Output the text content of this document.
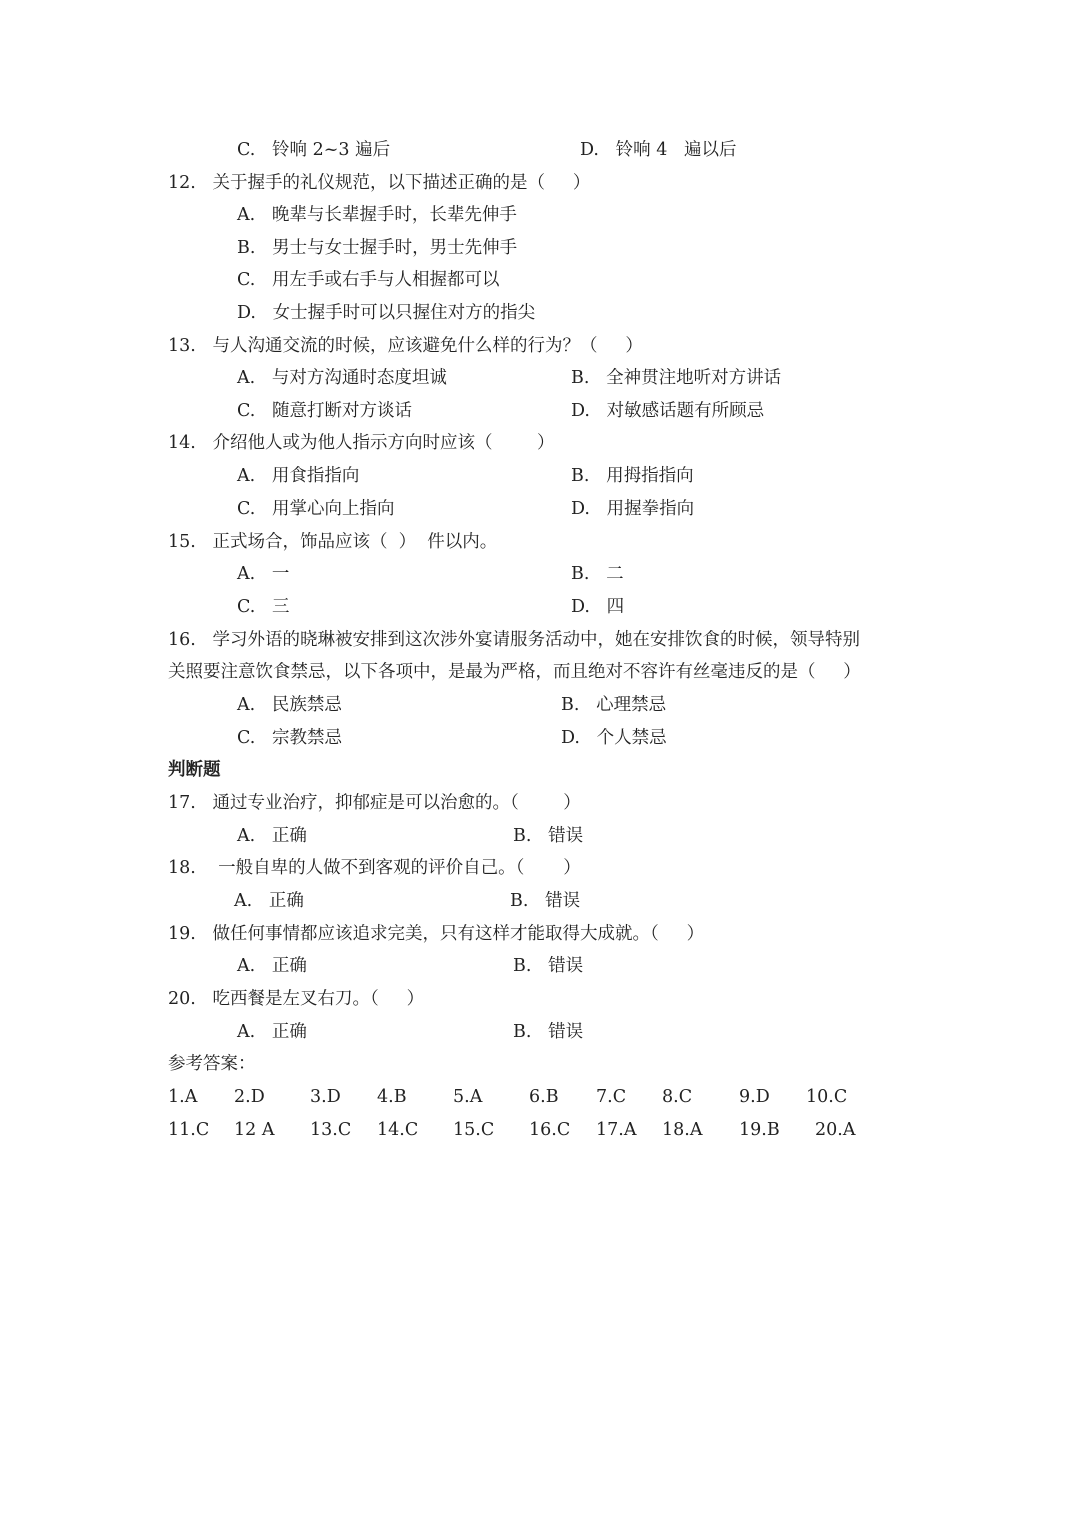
C.   铃响 2~3 遍后	D.   铃响 4   遍以后
12.   关于握手的礼仪规范，以下描述正确的是（     ）
A.   晚辈与长辈握手时，长辈先伸手
B.   男士与女士握手时，男士先伸手
C.   用左手或右手与人相握都可以
D.   女士握手时可以只握住对方的指尖
13.   与人沟通交流的时候，应该避免什么样的行为？（     ）
A.   与对方沟通时态度坦诚	B.   全神贯注地听对方讲话
C.   随意打断对方谈话	D.   对敏感话题有所顾忌
14.   介绍他人或为他人指示方向时应该（        ）
A.   用食指指向	B.   用拇指指向
C.   用掌心向上指向	D.   用握拳指向
15.   正式场合，饰品应该（  ）  件以内。
A.   一	B.   二
C.   三	D.   四
16.   学习外语的晓琳被安排到这次涉外宴请服务活动中，她在安排饮食的时候，领导特别
关照要注意饮食禁忌，以下各项中，是最为严格，而且绝对不容许有丝毫违反的是（     ）
A.   民族禁忌	B.   心理禁忌
C.   宗教禁忌	D.   个人禁忌
判断题
17.   通过专业治疗，抑郁症是可以治愈的。（        ）
A.   正确	B.   错误
18.    一般自卑的人做不到客观的评价自己。（       ）
A.   正确	B.   错误
19.   做任何事情都应该追求完美，只有这样才能取得大成就。（     ）
A.   正确	B.   错误
20.   吃西餐是左叉右刀。（     ）
A.   正确	B.   错误
参考答案：
1.A 2.D	3.D 4.B	5.A	6.B 7.C 8.C	9.D 10.C
11.C 12 A 13.C 14.C 15.C 16.C 17.A 18.A 19.B 20.A
